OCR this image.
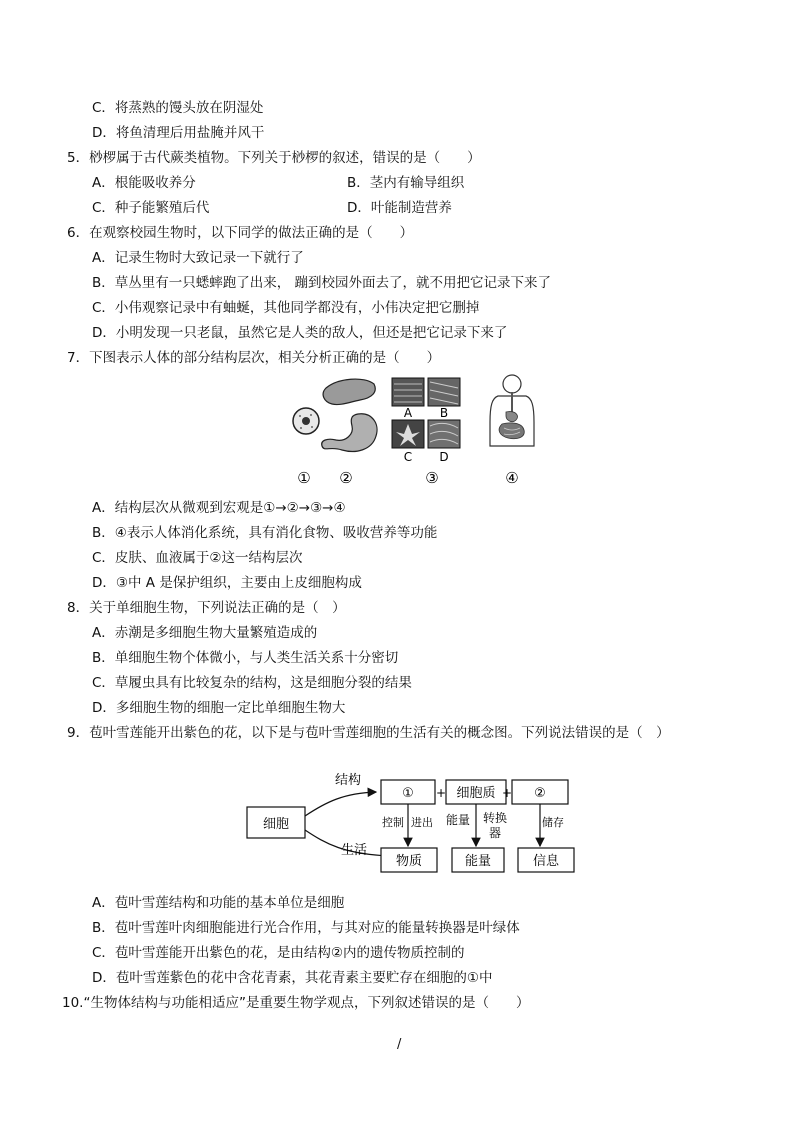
C．将蒸熟的馒头放在阴湿处
D．将鱼清理后用盐腌并风干
5．桫椤属于古代蕨类植物。下列关于桫椤的叙述，错误的是（　　）
A．根能吸收养分	B．茎内有输导组织
C．种子能繁殖后代	D．叶能制造营养
6．在观察校园生物时，以下同学的做法正确的是（　　）
A．记录生物时大致记录一下就行了
B．草丛里有一只蟋蟀跑了出来， 蹦到校园外面去了，就不用把它记录下来了
C．小伟观察记录中有蚰蜒，其他同学都没有，小伟决定把它删掉
D．小明发现一只老鼠，虽然它是人类的敌人，但还是把它记录下来了
7．下图表示人体的部分结构层次，相关分析正确的是（　　）
A B
C D
① ②	③	④
A．结构层次从微观到宏观是①→②→③→④
B．④表示人体消化系统，具有消化食物、吸收营养等功能
C．皮肤、血液属于②这一结构层次
D．③中 A 是保护组织，主要由上皮细胞构成
8．关于单细胞生物，下列说法正确的是（　）
A．赤潮是多细胞生物大量繁殖造成的
B．单细胞生物个体微小，与人类生活关系十分密切
C．草履虫具有比较复杂的结构，这是细胞分裂的结果
D．多细胞生物的细胞一定比单细胞生物大
9．苞叶雪莲能开出紫色的花，以下是与苞叶雪莲细胞的生活有关的概念图。下列说法错误的是（　）
细胞
结构
生活
① + 细胞质 + ②
控制 进出 能量 转换
器
储存
物质	能量	信息
A．苞叶雪莲结构和功能的基本单位是细胞
B．苞叶雪莲叶肉细胞能进行光合作用，与其对应的能量转换器是叶绿体
C．苞叶雪莲能开出紫色的花，是由结构②内的遗传物质控制的
D．苞叶雪莲紫色的花中含花青素，其花青素主要贮存在细胞的①中
10.“生物体结构与功能相适应”是重要生物学观点，下列叙述错误的是（　　）
/
